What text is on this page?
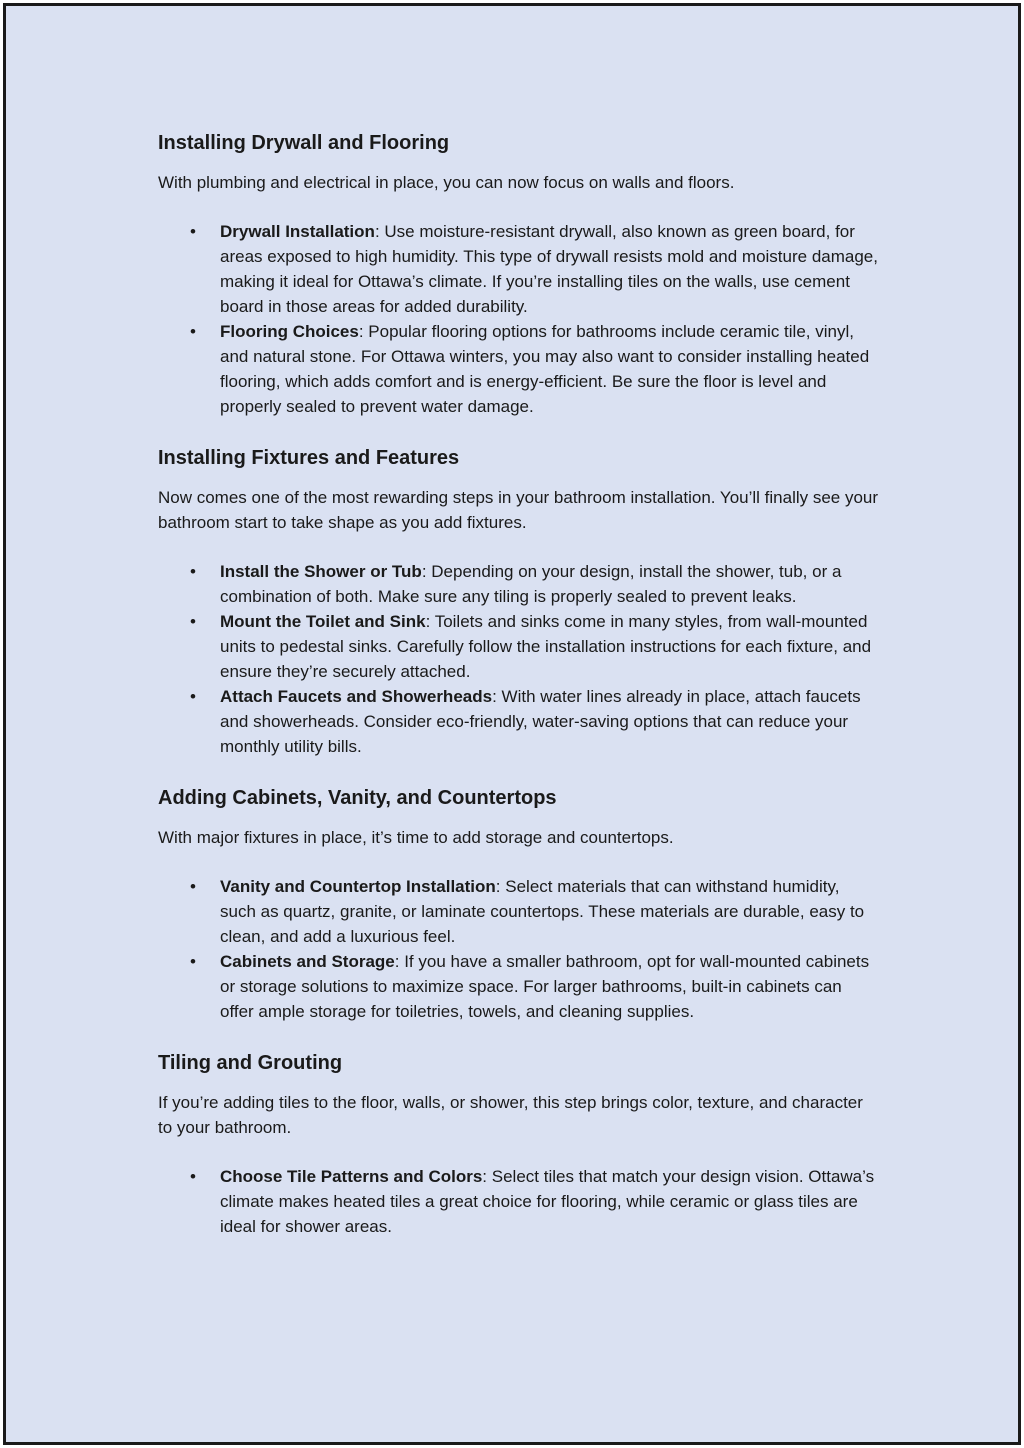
Installing Drywall and Flooring

With plumbing and electrical in place, you can now focus on walls and floors.

• Drywall Installation: Use moisture-resistant drywall, also known as green board, for areas exposed to high humidity. This type of drywall resists mold and moisture damage, making it ideal for Ottawa’s climate. If you’re installing tiles on the walls, use cement board in those areas for added durability.
• Flooring Choices: Popular flooring options for bathrooms include ceramic tile, vinyl, and natural stone. For Ottawa winters, you may also want to consider installing heated flooring, which adds comfort and is energy-efficient. Be sure the floor is level and properly sealed to prevent water damage.
Installing Fixtures and Features

Now comes one of the most rewarding steps in your bathroom installation. You’ll finally see your bathroom start to take shape as you add fixtures.

• Install the Shower or Tub: Depending on your design, install the shower, tub, or a combination of both. Make sure any tiling is properly sealed to prevent leaks.
• Mount the Toilet and Sink: Toilets and sinks come in many styles, from wall-mounted units to pedestal sinks. Carefully follow the installation instructions for each fixture, and ensure they’re securely attached.
• Attach Faucets and Showerheads: With water lines already in place, attach faucets and showerheads. Consider eco-friendly, water-saving options that can reduce your monthly utility bills.
Adding Cabinets, Vanity, and Countertops

With major fixtures in place, it’s time to add storage and countertops.

• Vanity and Countertop Installation: Select materials that can withstand humidity, such as quartz, granite, or laminate countertops. These materials are durable, easy to clean, and add a luxurious feel.
• Cabinets and Storage: If you have a smaller bathroom, opt for wall-mounted cabinets or storage solutions to maximize space. For larger bathrooms, built-in cabinets can offer ample storage for toiletries, towels, and cleaning supplies.
Tiling and Grouting

If you’re adding tiles to the floor, walls, or shower, this step brings color, texture, and character to your bathroom.

• Choose Tile Patterns and Colors: Select tiles that match your design vision. Ottawa’s climate makes heated tiles a great choice for flooring, while ceramic or glass tiles are ideal for shower areas.
